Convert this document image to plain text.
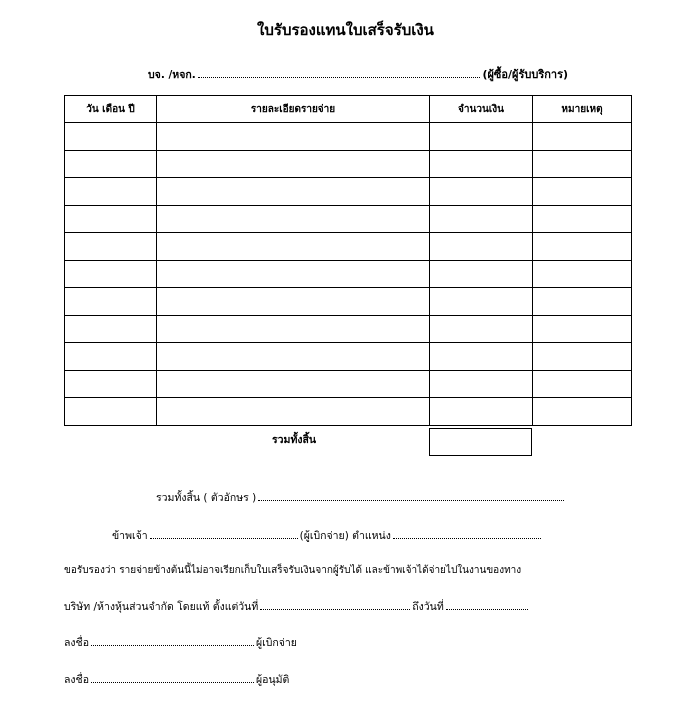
ใบรับรองแทนใบเสร็จรับเงิน
บจ. /หจก.	(ผู้ซื้อ/ผู้รับบริการ)
วัน เดือน ปี	รายละเอียดรายจ่าย	จำนวนเงิน	หมายเหตุ

รวมทั้งสิ้น
รวมทั้งสิ้น ( ตัวอักษร )
ข้าพเจ้า	(ผู้เบิกจ่าย) ตำแหน่ง
ขอรับรองว่า รายจ่ายข้างต้นนี้ไม่อาจเรียกเก็บใบเสร็จรับเงินจากผู้รับได้ และข้าพเจ้าได้จ่ายไปในงานของทาง
บริษัท /ห้างหุ้นส่วนจำกัด โดยแท้ ตั้งแต่วันที่	ถึงวันที่
ลงชื่อ	ผู้เบิกจ่าย
ลงชื่อ	ผู้อนุมัติ
